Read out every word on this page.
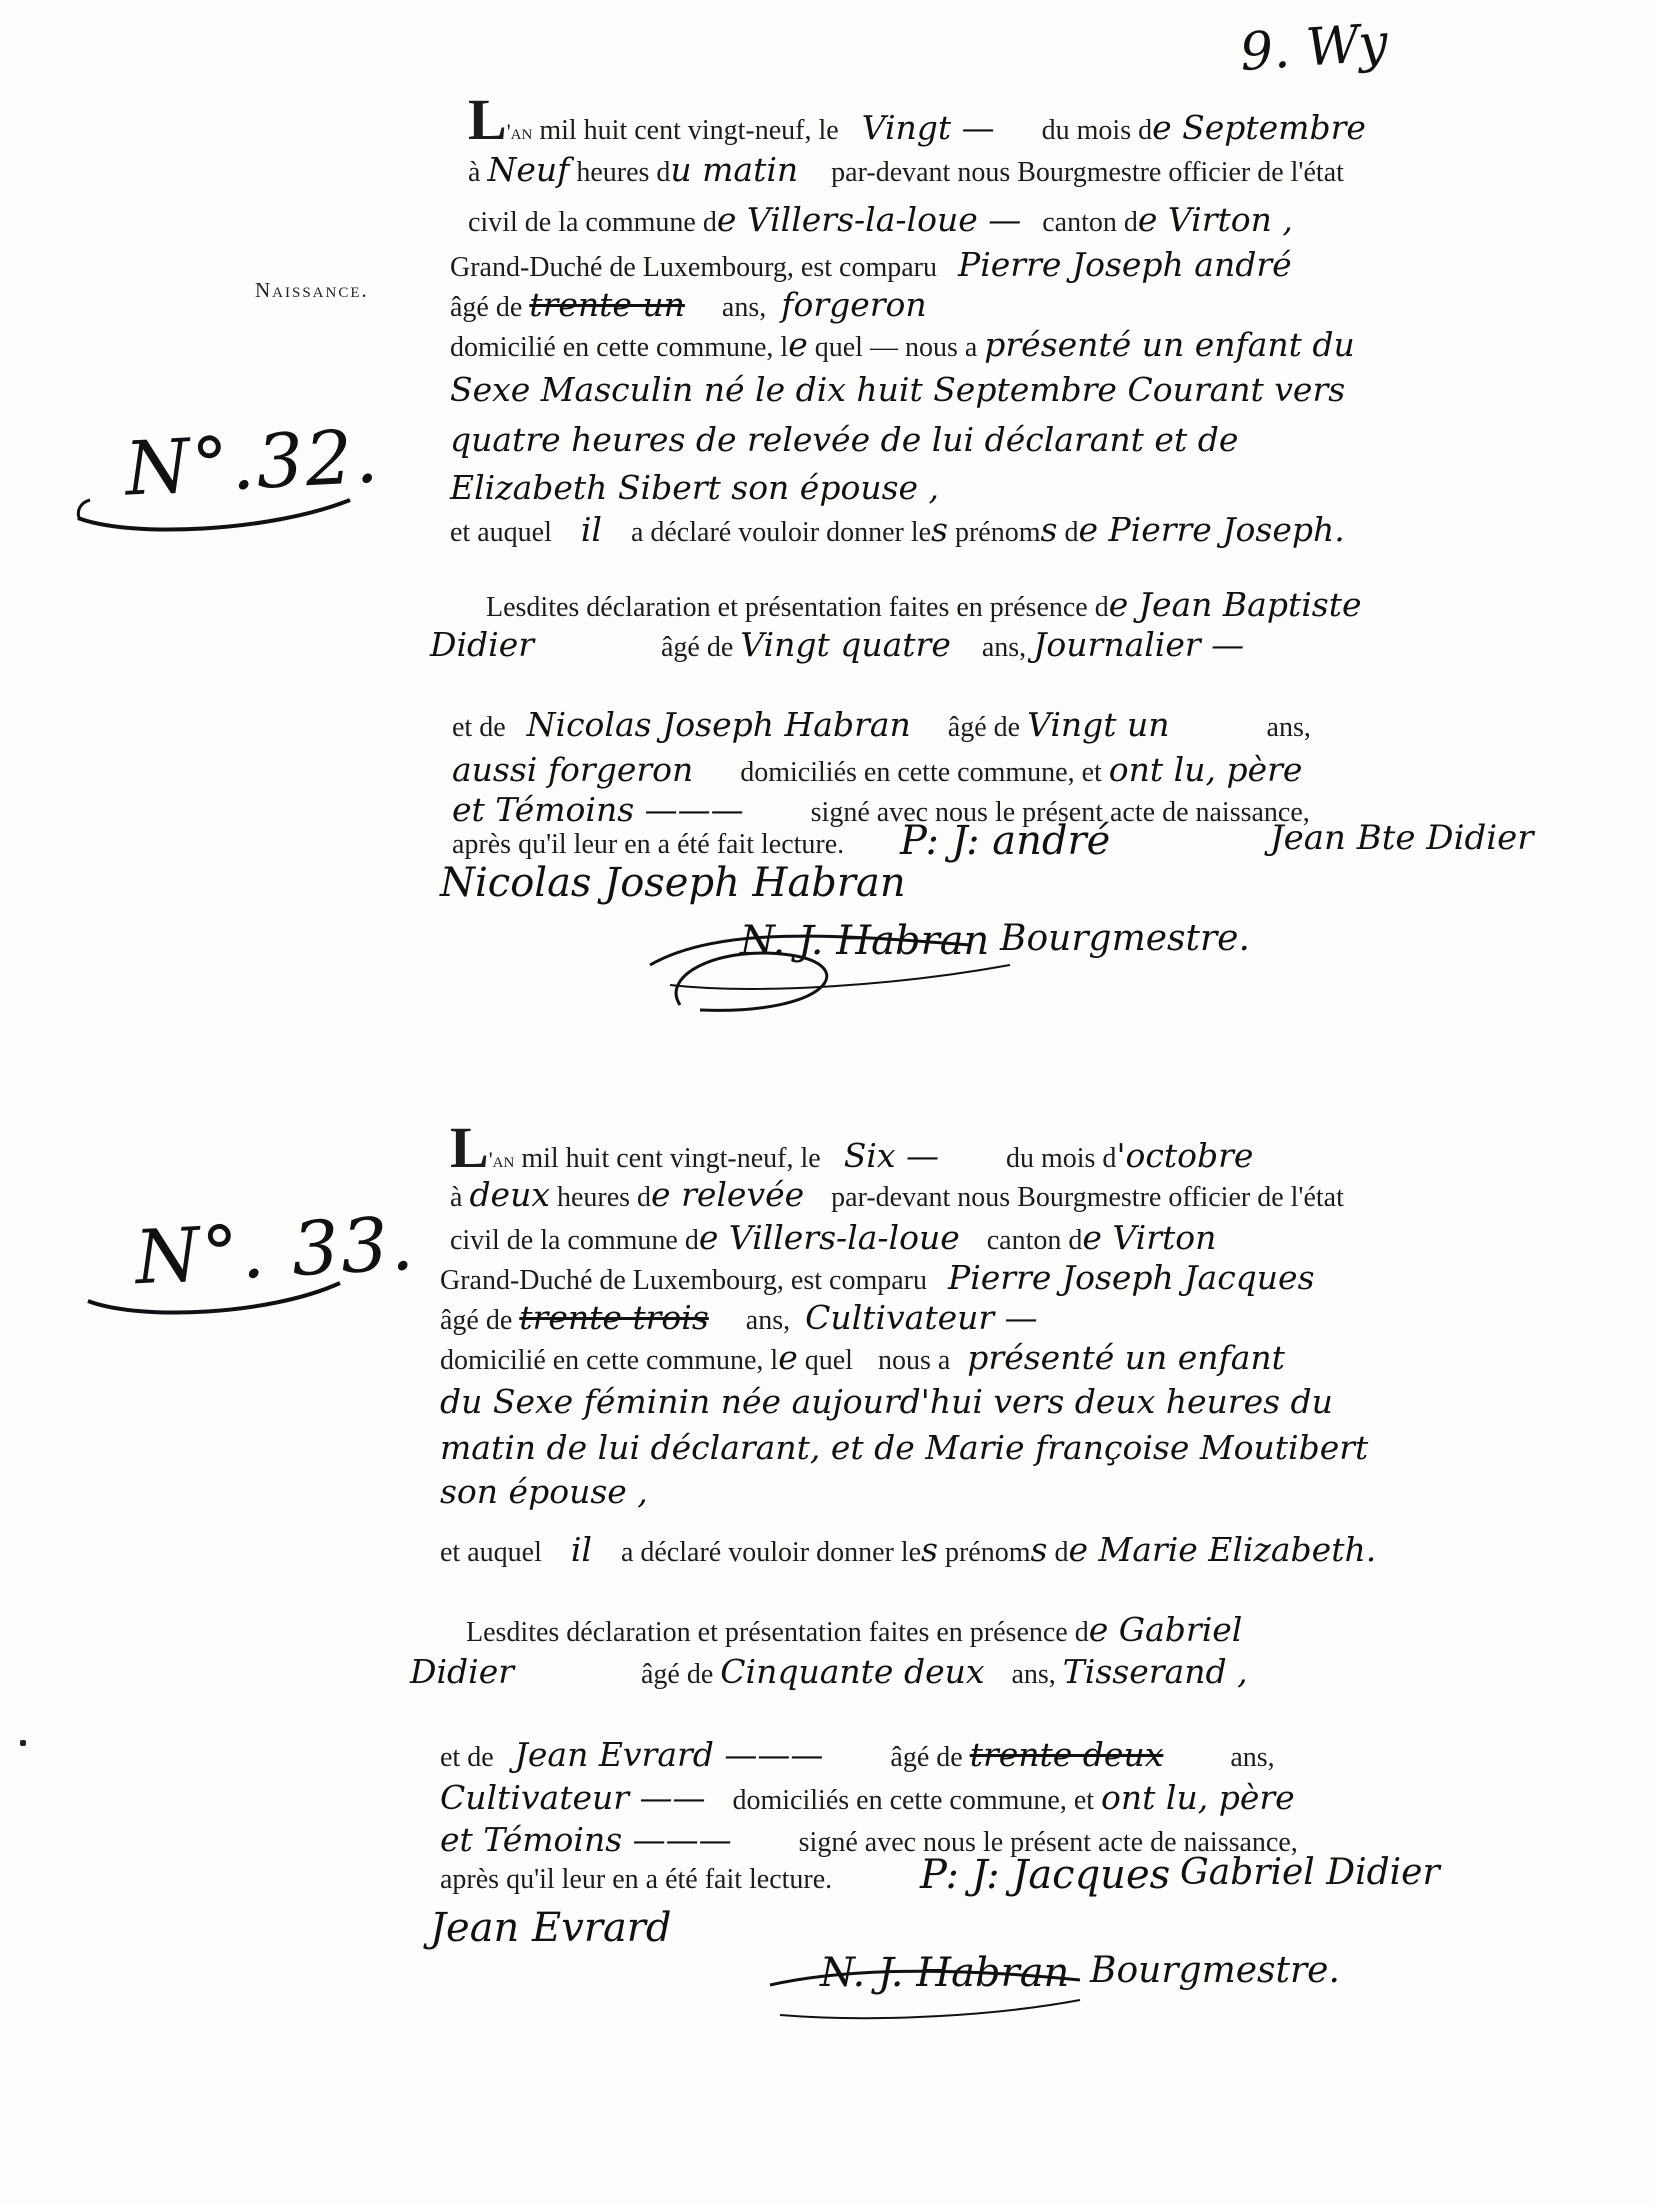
9. Wy
Naissance.
N°.32.
N°. 33.
L'an mil huit cent vingt-neuf, le Vingt — du mois de Septembre
à Neuf heures du matin par-devant nous Bourgmestre officier de l'état
civil de la commune de Villers-la-loue — canton de Virton ,
Grand-Duché de Luxembourg, est comparu Pierre Joseph andré
âgé de trente un ans, forgeron
domicilié en cette commune, le quel — nous a présenté un enfant du
Sexe Masculin né le dix huit Septembre Courant vers
quatre heures de relevée de lui déclarant et de
Elizabeth Sibert son épouse ,
et auquel il a déclaré vouloir donner les prénoms de Pierre Joseph.
Lesdites déclaration et présentation faites en présence de Jean Baptiste
Didier	âgé de Vingt quatre ans, Journalier —
et de Nicolas Joseph Habran âgé de Vingt un	ans,
aussi forgeron domiciliés en cette commune, et ont lu, père
et Témoins ——— signé avec nous le présent acte de naissance,
après qu'il leur en a été fait lecture. P: J: andré	Jean Bte Didier
Nicolas Joseph Habran
N. J. Habran Bourgmestre.
L'an mil huit cent vingt-neuf, le Six — du mois d'octobre
à deux heures de relevée par-devant nous Bourgmestre officier de l'état
civil de la commune de Villers-la-loue canton de Virton
Grand-Duché de Luxembourg, est comparu Pierre Joseph Jacques
âgé de trente trois ans, Cultivateur —
domicilié en cette commune, le quel nous a présenté un enfant
du Sexe féminin née aujourd'hui vers deux heures du
matin de lui déclarant, et de Marie françoise Moutibert
son épouse ,
et auquel il a déclaré vouloir donner les prénoms de Marie Elizabeth.
Lesdites déclaration et présentation faites en présence de Gabriel
Didier	âgé de Cinquante deux ans, Tisserand ,
et de Jean Evrard ——— âgé de trente deux ans,
Cultivateur —— domiciliés en cette commune, et ont lu, père
et Témoins ——— signé avec nous le présent acte de naissance,
après qu'il leur en a été fait lecture. P: J: Jacques Gabriel Didier
Jean Evrard
N. J. Habran Bourgmestre.
